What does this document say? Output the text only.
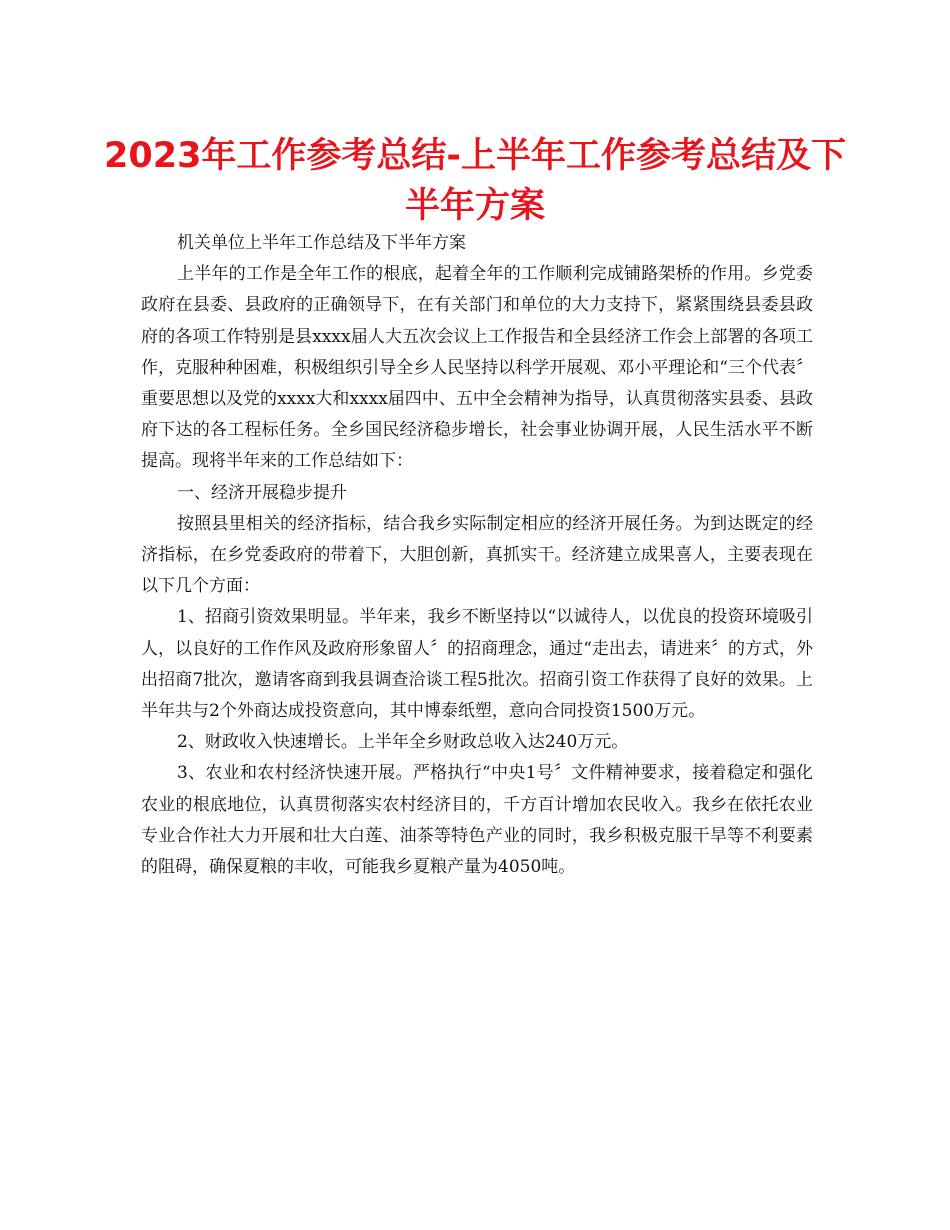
2023年工作参考总结-上半年工作参考总结及下
半年方案

机关单位上半年工作总结及下半年方案

上半年的工作是全年工作的根底，起着全年的工作顺利完成铺路架桥的作用。乡党委政府在县委、县政府的正确领导下，在有关部门和单位的大力支持下，紧紧围绕县委县政府的各项工作特别是县xxxx届人大五次会议上工作报告和全县经济工作会上部署的各项工作，克服种种困难，积极组织引导全乡人民坚持以科学开展观、邓小平理论和“三个代表〞重要思想以及党的xxxx大和xxxx届四中、五中全会精神为指导，认真贯彻落实县委、县政府下达的各工程标任务。全乡国民经济稳步增长，社会事业协调开展，人民生活水平不断提高。现将半年来的工作总结如下：

一、经济开展稳步提升

按照县里相关的经济指标，结合我乡实际制定相应的经济开展任务。为到达既定的经济指标，在乡党委政府的带着下，大胆创新，真抓实干。经济建立成果喜人，主要表现在以下几个方面：

1、招商引资效果明显。半年来，我乡不断坚持以“以诚待人，以优良的投资环境吸引人，以良好的工作作风及政府形象留人〞的招商理念，通过“走出去，请进来〞的方式，外出招商7批次，邀请客商到我县调查洽谈工程5批次。招商引资工作获得了良好的效果。上半年共与2个外商达成投资意向，其中博泰纸塑，意向合同投资1500万元。

2、财政收入快速增长。上半年全乡财政总收入达240万元。

3、农业和农村经济快速开展。严格执行“中央1号〞文件精神要求，接着稳定和强化农业的根底地位，认真贯彻落实农村经济目的，千方百计增加农民收入。我乡在依托农业专业合作社大力开展和壮大白莲、油茶等特色产业的同时，我乡积极克服干旱等不利要素的阻碍，确保夏粮的丰收，可能我乡夏粮产量为4050吨。
